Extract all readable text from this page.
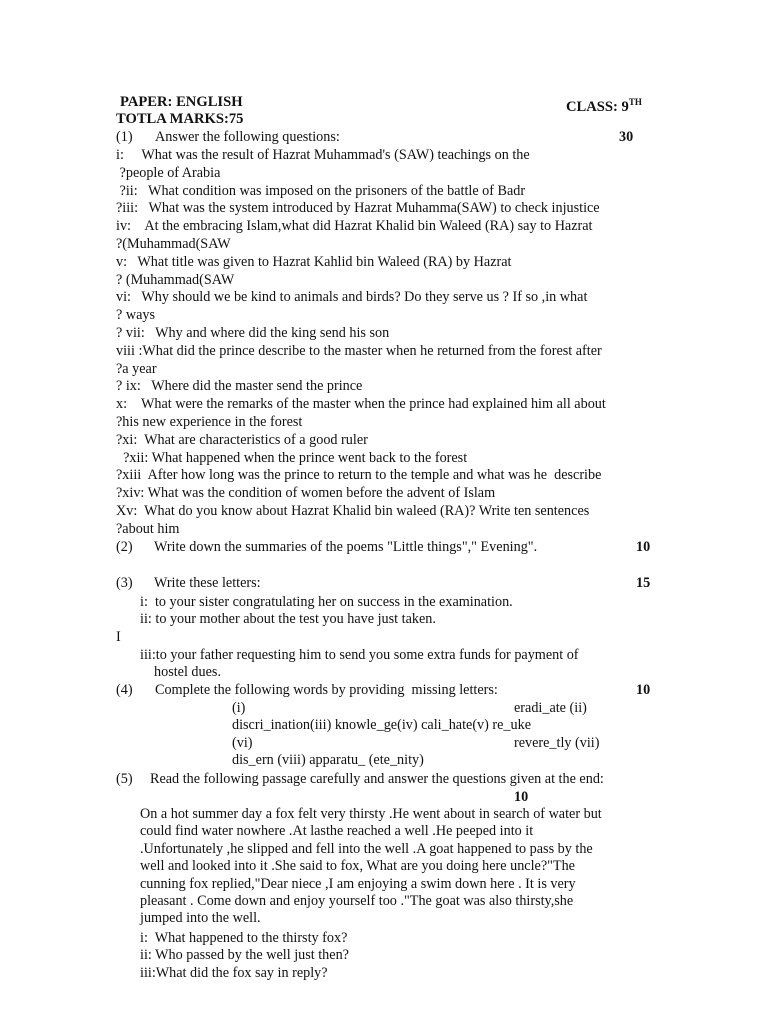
PAPER: ENGLISH	CLASS: 9TH
TOTLA MARKS:75
(1) Answer the following questions:	30
i:     What was the result of Hazrat Muhammad's (SAW) teachings on the
?people of Arabia
?ii:   What condition was imposed on the prisoners of the battle of Badr
?iii:   What was the system introduced by Hazrat Muhamma(SAW) to check injustice
iv:    At the embracing Islam,what did Hazrat Khalid bin Waleed (RA) say to Hazrat
?(Muhammad(SAW
v:   What title was given to Hazrat Kahlid bin Waleed (RA) by Hazrat
? (Muhammad(SAW
vi:   Why should we be kind to animals and birds? Do they serve us ? If so ,in what
? ways
? vii:   Why and where did the king send his son
viii :What did the prince describe to the master when he returned from the forest after
?a year
? ix:   Where did the master send the prince
x:    What were the remarks of the master when the prince had explained him all about
?his new experience in the forest
?xi:  What are characteristics of a good ruler
?xii: What happened when the prince went back to the forest
?xiii  After how long was the prince to return to the temple and what was he  describe
?xiv: What was the condition of women before the advent of Islam
Xv:  What do you know about Hazrat Khalid bin waleed (RA)? Write ten sentences
?about him
(2) Write down the summaries of the poems "Little things"," Evening".	10
(3) Write these letters:	15
i:  to your sister congratulating her on success in the examination.
ii: to your mother about the test you have just taken.
I
iii:to your father requesting him to send you some extra funds for payment of
hostel dues.
(4) Complete the following words by providing  missing letters:	10
(i)	eradi_ate (ii)
discri_ination(iii) knowle_ge(iv) cali_hate(v) re_uke
(vi)	revere_tly (vii)
dis_ern (viii) apparatu_ (ete_nity)
(5) Read the following passage carefully and answer the questions given at the end:
10
On a hot summer day a fox felt very thirsty .He went about in search of water but
could find water nowhere .At lasthe reached a well .He peeped into it
.Unfortunately ,he slipped and fell into the well .A goat happened to pass by the
well and looked into it .She said to fox, What are you doing here uncle?"The
cunning fox replied,"Dear niece ,I am enjoying a swim down here . It is very
pleasant . Come down and enjoy yourself too ."The goat was also thirsty,she
jumped into the well.
i:  What happened to the thirsty fox?
ii: Who passed by the well just then?
iii:What did the fox say in reply?
